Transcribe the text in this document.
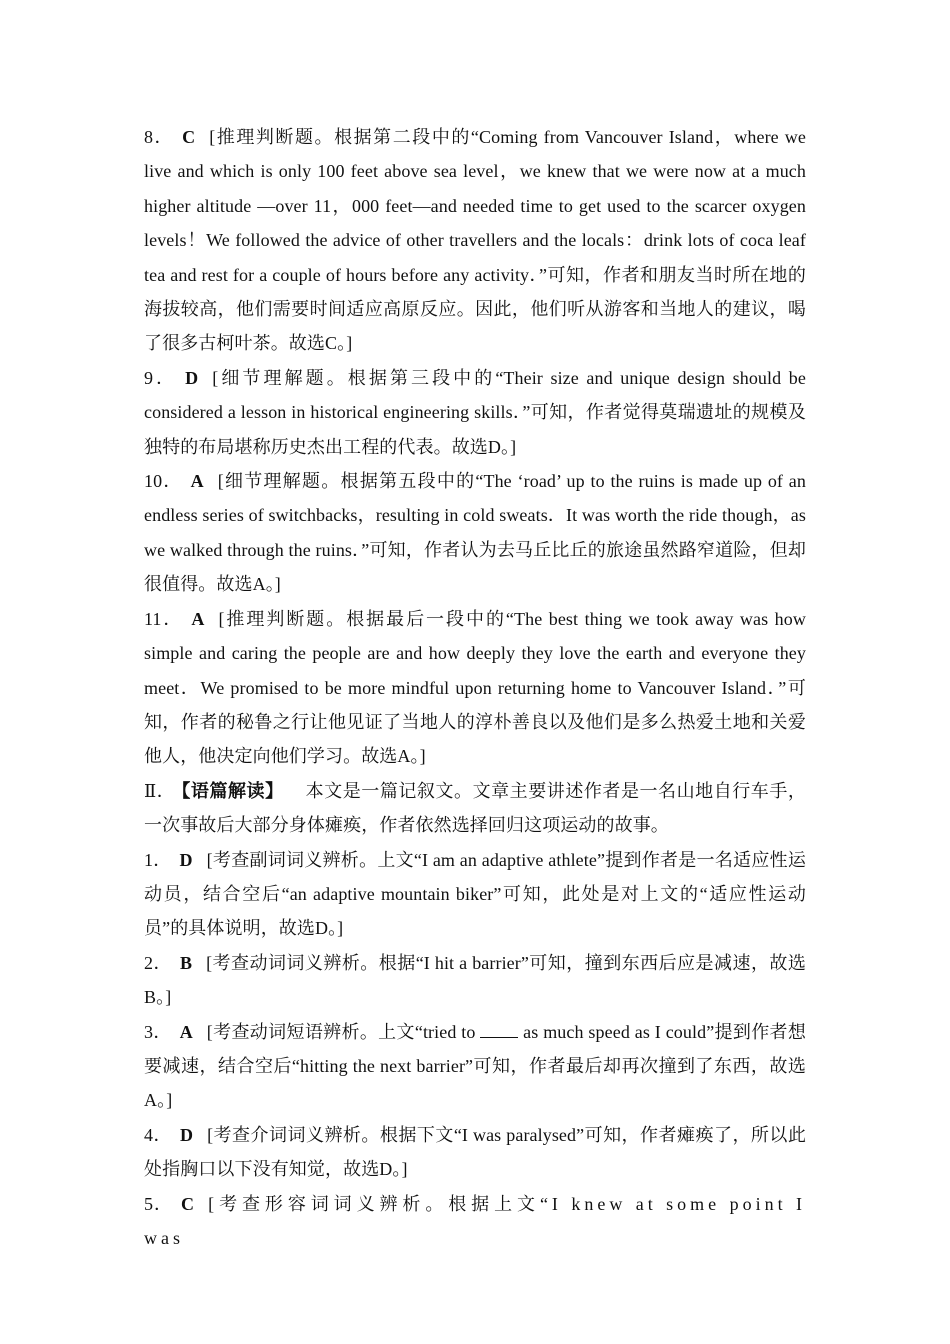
8． C [推理判断题。根据第二段中的“Coming from Vancouver Island，where we live and which is only 100 feet above sea level，we knew that we were now at a much higher altitude —over 11，000 feet—and needed time to get used to the scarcer oxygen levels！We followed the advice of other travellers and the locals：drink lots of coca leaf tea and rest for a couple of hours before any activity．”可知，作者和朋友当时所在地的海拔较高，他们需要时间适应高原反应。因此，他们听从游客和当地人的建议，喝了很多古柯叶茶。故选C。]

9． D [细节理解题。根据第三段中的“Their size and unique design should be considered a lesson in historical engineering skills．”可知，作者觉得莫瑞遗址的规模及独特的布局堪称历史杰出工程的代表。故选D。]

10． A [细节理解题。根据第五段中的“The ‘road’ up to the ruins is made up of an endless series of switchbacks，resulting in cold sweats．It was worth the ride though，as we walked through the ruins．”可知，作者认为去马丘比丘的旅途虽然路窄道险，但却很值得。故选A。]

11． A [推理判断题。根据最后一段中的“The best thing we took away was how simple and caring the people are and how deeply they love the earth and everyone they meet．We promised to be more mindful upon returning home to Vancouver Island．”可知，作者的秘鲁之行让他见证了当地人的淳朴善良以及他们是多么热爱土地和关爱他人，他决定向他们学习。故选A。]

Ⅱ． 【语篇解读】 本文是一篇记叙文。文章主要讲述作者是一名山地自行车手，一次事故后大部分身体瘫痪，作者依然选择回归这项运动的故事。

1． D [考查副词词义辨析。上文“I am an adaptive athlete”提到作者是一名适应性运动员，结合空后“an adaptive mountain biker”可知，此处是对上文的“适应性运动员”的具体说明，故选D。]

2． B [考查动词词义辨析。根据“I hit a barrier”可知，撞到东西后应是减速，故选B。]

3． A [考查动词短语辨析。上文“tried to  as much speed as I could”提到作者想要减速，结合空后“hitting the next barrier”可知，作者最后却再次撞到了东西，故选A。]

4． D [考查介词词义辨析。根据下文“I was paralysed”可知，作者瘫痪了，所以此处指胸口以下没有知觉，故选D。]

5． C [考查形容词词义辨析。根据上文“I knew at some point I was
